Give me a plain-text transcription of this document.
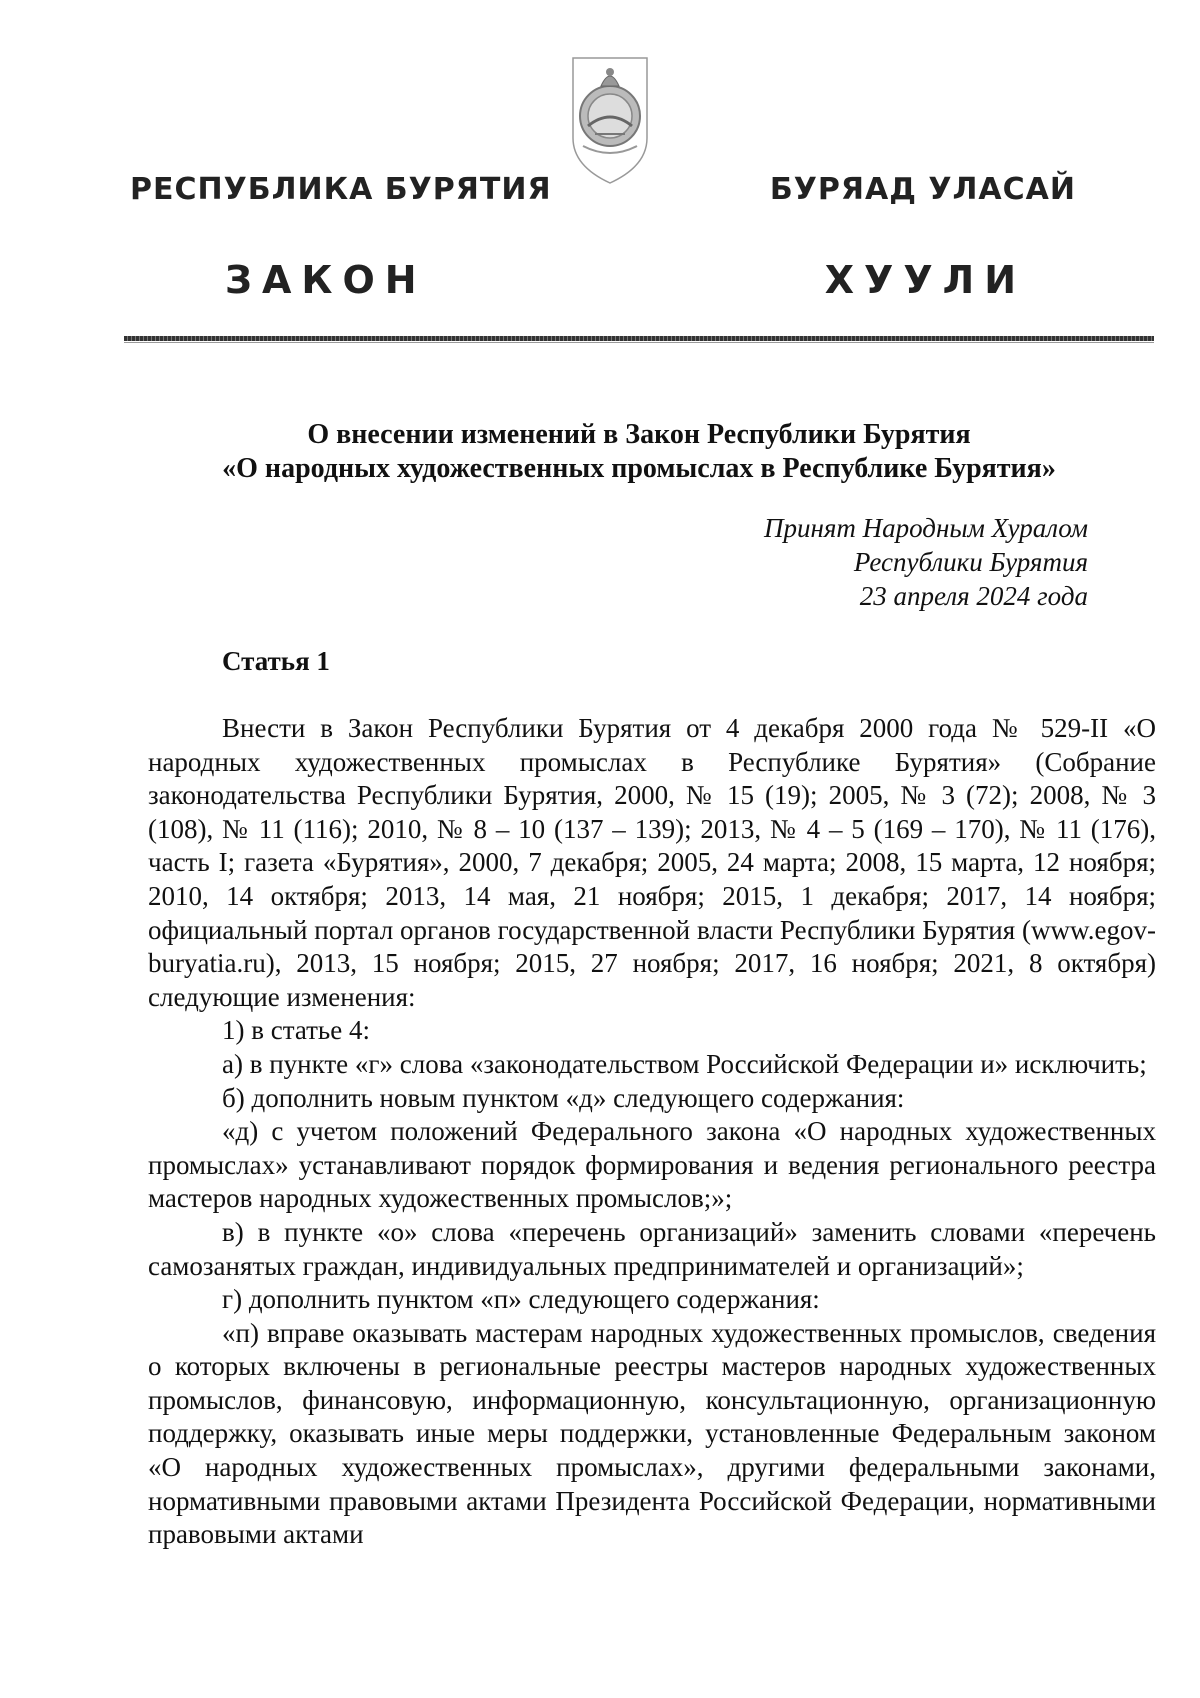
РЕСПУБЛИКА БУРЯТИЯ	БУРЯАД УЛАСАЙ
ЗАКОН	ХУУЛИ
О внесении изменений в Закон Республики Бурятия
«О народных художественных промыслах в Республике Бурятия»
Принят Народным Хуралом
Республики Бурятия
23 апреля 2024 года
Статья 1

Внести в Закон Республики Бурятия от 4 декабря 2000 года № 529-II «О народных художественных промыслах в Республике Бурятия» (Собрание законодательства Республики Бурятия, 2000, № 15 (19); 2005, № 3 (72); 2008, № 3 (108), № 11 (116); 2010, № 8 – 10 (137 – 139); 2013, № 4 – 5 (169 – 170), № 11 (176), часть I; газета «Бурятия», 2000, 7 декабря; 2005, 24 марта; 2008, 15 марта, 12 ноября; 2010, 14 октября; 2013, 14 мая, 21 ноября; 2015, 1 декабря; 2017, 14 ноября; официальный портал органов государственной власти Республики Бурятия (www.egov-buryatia.ru), 2013, 15 ноября; 2015, 27 ноября; 2017, 16 ноября; 2021, 8 октября) следующие изменения:

1) в статье 4:

а) в пункте «г» слова «законодательством Российской Федерации и» исключить;

б) дополнить новым пунктом «д» следующего содержания:

«д) с учетом положений Федерального закона «О народных художественных промыслах» устанавливают порядок формирования и ведения регионального реестра мастеров народных художественных промыслов;»;

в) в пункте «о» слова «перечень организаций» заменить словами «перечень самозанятых граждан, индивидуальных предпринимателей и организаций»;

г) дополнить пунктом «п» следующего содержания:

«п) вправе оказывать мастерам народных художественных промыслов, сведения о которых включены в региональные реестры мастеров народных художественных промыслов, финансовую, информационную, консультационную, организационную поддержку, оказывать иные меры поддержки, установленные Федеральным законом «О народных художественных промыслах», другими федеральными законами, нормативными правовыми актами Президента Российской Федерации, нормативными правовыми актами
